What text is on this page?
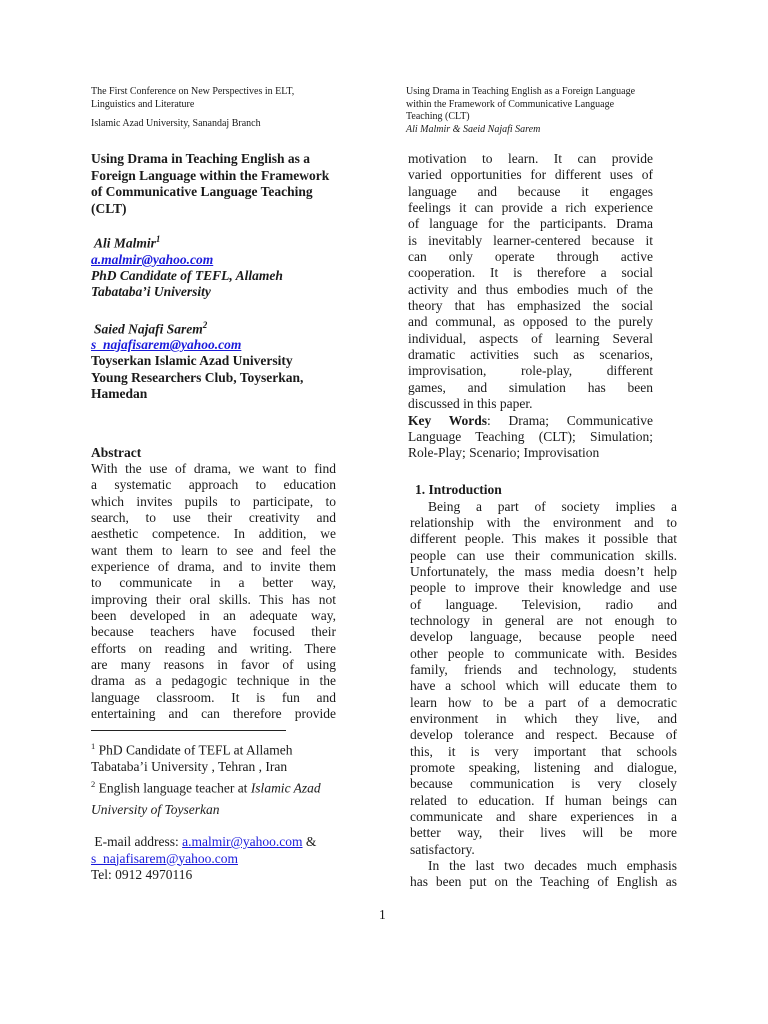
The First Conference on New Perspectives in ELT,
Linguistics and Literature
Islamic Azad University, Sanandaj Branch
Using Drama in Teaching English as a Foreign Language
within the Framework of Communicative Language
Teaching (CLT)
Ali Malmir & Saeid Najafi Sarem
Using Drama in Teaching English as a
Foreign Language within the Framework
of Communicative Language Teaching
(CLT)
Ali Malmir$^1$
a.malmir@yahoo.com
PhD Candidate of TEFL, Allameh
Tabataba’i University
Saied Najafi Sarem$^2$
s_najafisarem@yahoo.com
Toyserkan Islamic Azad University
Young Researchers Club, Toyserkan,
Hamedan
Abstract

With the use of drama, we want to find

a systematic approach to education

which invites pupils to participate, to

search, to use their creativity and

aesthetic competence. In addition, we

want them to learn to see and feel the

experience of drama, and to invite them

to communicate in a better way,

improving their oral skills. This has not

been developed in an adequate way,

because teachers have focused their

efforts on reading and writing. There

are many reasons in favor of using

drama as a pedagogic technique in the

language classroom. It is fun and

entertaining and can therefore provide

$^1$ PhD Candidate of TEFL at Allameh
Tabataba’i University , Tehran , Iran
$^2$ English language teacher at Islamic Azad
University of Toyserkan
E-mail address: a.malmir@yahoo.com &
s_najafisarem@yahoo.com
Tel: 0912 4970116

motivation to learn. It can provide

varied opportunities for different uses of

language and because it engages

feelings it can provide a rich experience

of language for the participants. Drama

is inevitably learner-centered because it

can only operate through active

cooperation. It is therefore a social

activity and thus embodies much of the

theory that has emphasized the social

and communal, as opposed to the purely

individual, aspects of learning Several

dramatic activities such as scenarios,

improvisation, role-play, different

games, and simulation has been

discussed in this paper.

Key Words: Drama; Communicative

Language Teaching (CLT); Simulation;

Role-Play; Scenario; Improvisation

1. Introduction

Being a part of society implies a

relationship with the environment and to

different people. This makes it possible that

people can use their communication skills.

Unfortunately, the mass media doesn’t help

people to improve their knowledge and use

of language. Television, radio and

technology in general are not enough to

develop language, because people need

other people to communicate with. Besides

family, friends and technology, students

have a school which will educate them to

learn how to be a part of a democratic

environment in which they live, and

develop tolerance and respect. Because of

this, it is very important that schools

promote speaking, listening and dialogue,

because communication is very closely

related to education. If human beings can

communicate and share experiences in a

better way, their lives will be more

satisfactory.

In the last two decades much emphasis

has been put on the Teaching of English as

1
